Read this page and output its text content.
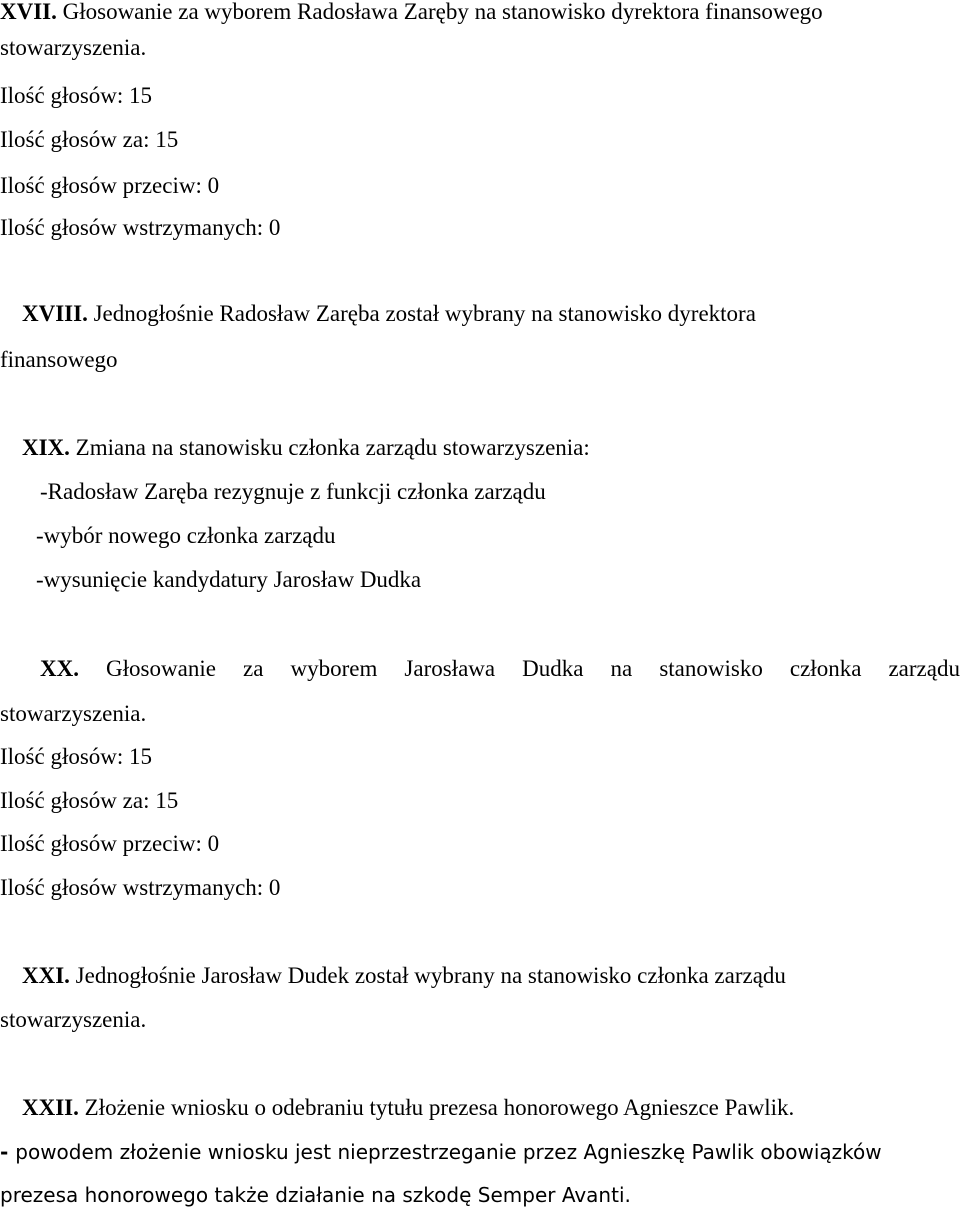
XVII. Głosowanie za wyborem Radosława Zaręby na stanowisko dyrektora finansowego
stowarzyszenia.
Ilość głosów: 15
Ilość głosów za: 15
Ilość głosów przeciw: 0
Ilość głosów wstrzymanych: 0
XVIII. Jednogłośnie Radosław Zaręba został wybrany na stanowisko dyrektora
finansowego
XIX. Zmiana na stanowisku członka zarządu stowarzyszenia:
-Radosław Zaręba rezygnuje z funkcji członka zarządu
-wybór nowego członka zarządu
-wysunięcie kandydatury Jarosław Dudka
XX. Głosowanie za wyborem Jarosława Dudka na stanowisko członka zarządu
stowarzyszenia.
Ilość głosów: 15
Ilość głosów za: 15
Ilość głosów przeciw: 0
Ilość głosów wstrzymanych: 0
XXI. Jednogłośnie Jarosław Dudek został wybrany na stanowisko członka zarządu
stowarzyszenia.
XXII. Złożenie wniosku o odebraniu tytułu prezesa honorowego Agnieszce Pawlik.
- powodem złożenie wniosku jest nieprzestrzeganie przez Agnieszkę Pawlik obowiązków
prezesa honorowego także działanie na szkodę Semper Avanti.
